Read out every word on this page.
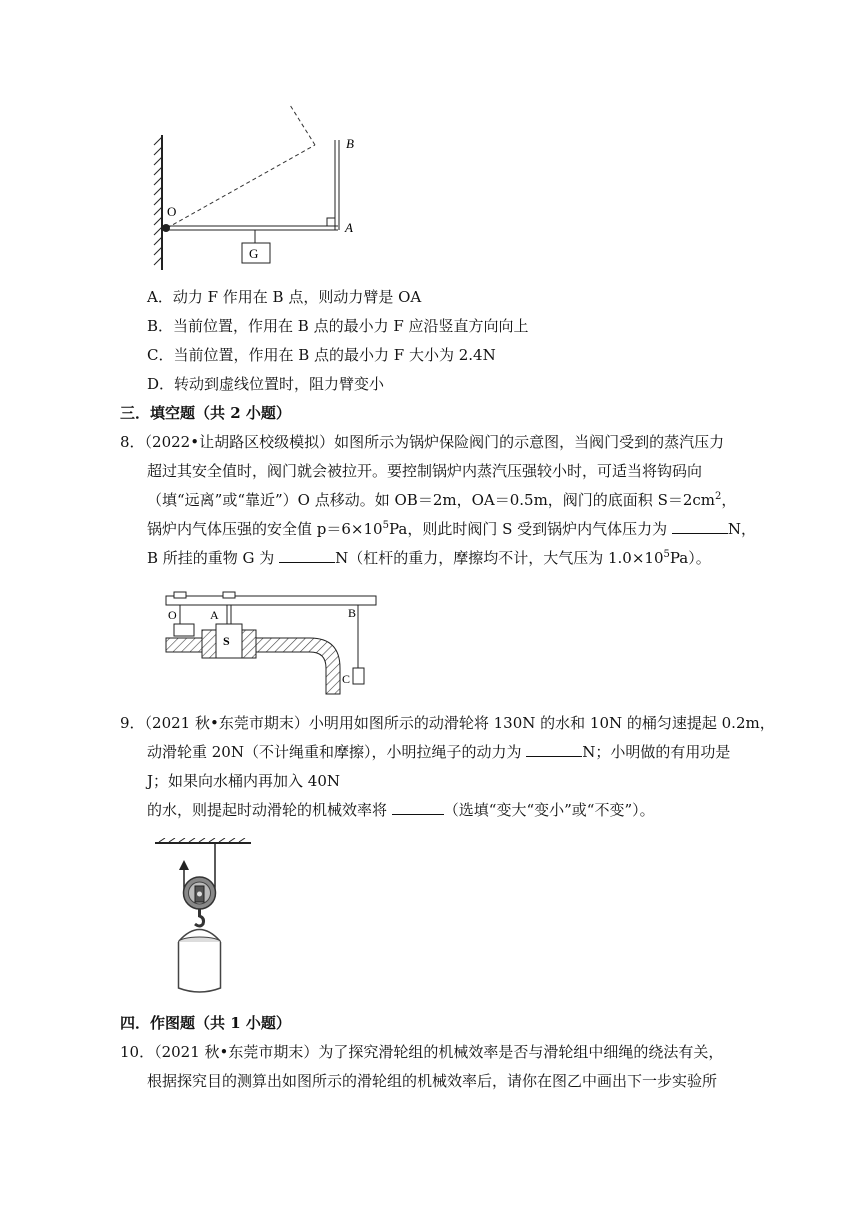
G
O
A
B
A．动力 F 作用在 B 点，则动力臂是 OA
B．当前位置，作用在 B 点的最小力 F 应沿竖直方向向上
C．当前位置，作用在 B 点的最小力 F 大小为 2.4N
D．转动到虚线位置时，阻力臂变小
三．填空题（共 2 小题）
8．（2022•让胡路区校级模拟）如图所示为锅炉保险阀门的示意图，当阀门受到的蒸汽压力
超过其安全值时，阀门就会被拉开。要控制锅炉内蒸汽压强较小时，可适当将钩码向
（填“远离”或“靠近”）O 点移动。如 OB＝2m，OA＝0.5m，阀门的底面积 $S=2cm^2$，
锅炉内气体压强的安全值 $p=6\times 10^5Pa$，则此时阀门 S 受到锅炉内气体压力为	N，
B 所挂的重物 G 为	N（杠杆的重力，摩擦均不计，大气压为 $1.0\times 10^5Pa$）。
O	A
S
B
C
9．（2021 秋•东莞市期末）小明用如图所示的动滑轮将 130N 的水和 10N 的桶匀速提起 0.2m，
动滑轮重 20N（不计绳重和摩擦），小明拉绳子的动力为	N；小明做的有用功是
J；如果向水桶内再加入 40N
的水，则提起时动滑轮的机械效率将	（选填“变大“变小”或“不变”）。
四．作图题（共 1 小题）
10．（2021 秋•东莞市期末）为了探究滑轮组的机械效率是否与滑轮组中细绳的绕法有关，
根据探究目的测算出如图所示的滑轮组的机械效率后，请你在图乙中画出下一步实验所
